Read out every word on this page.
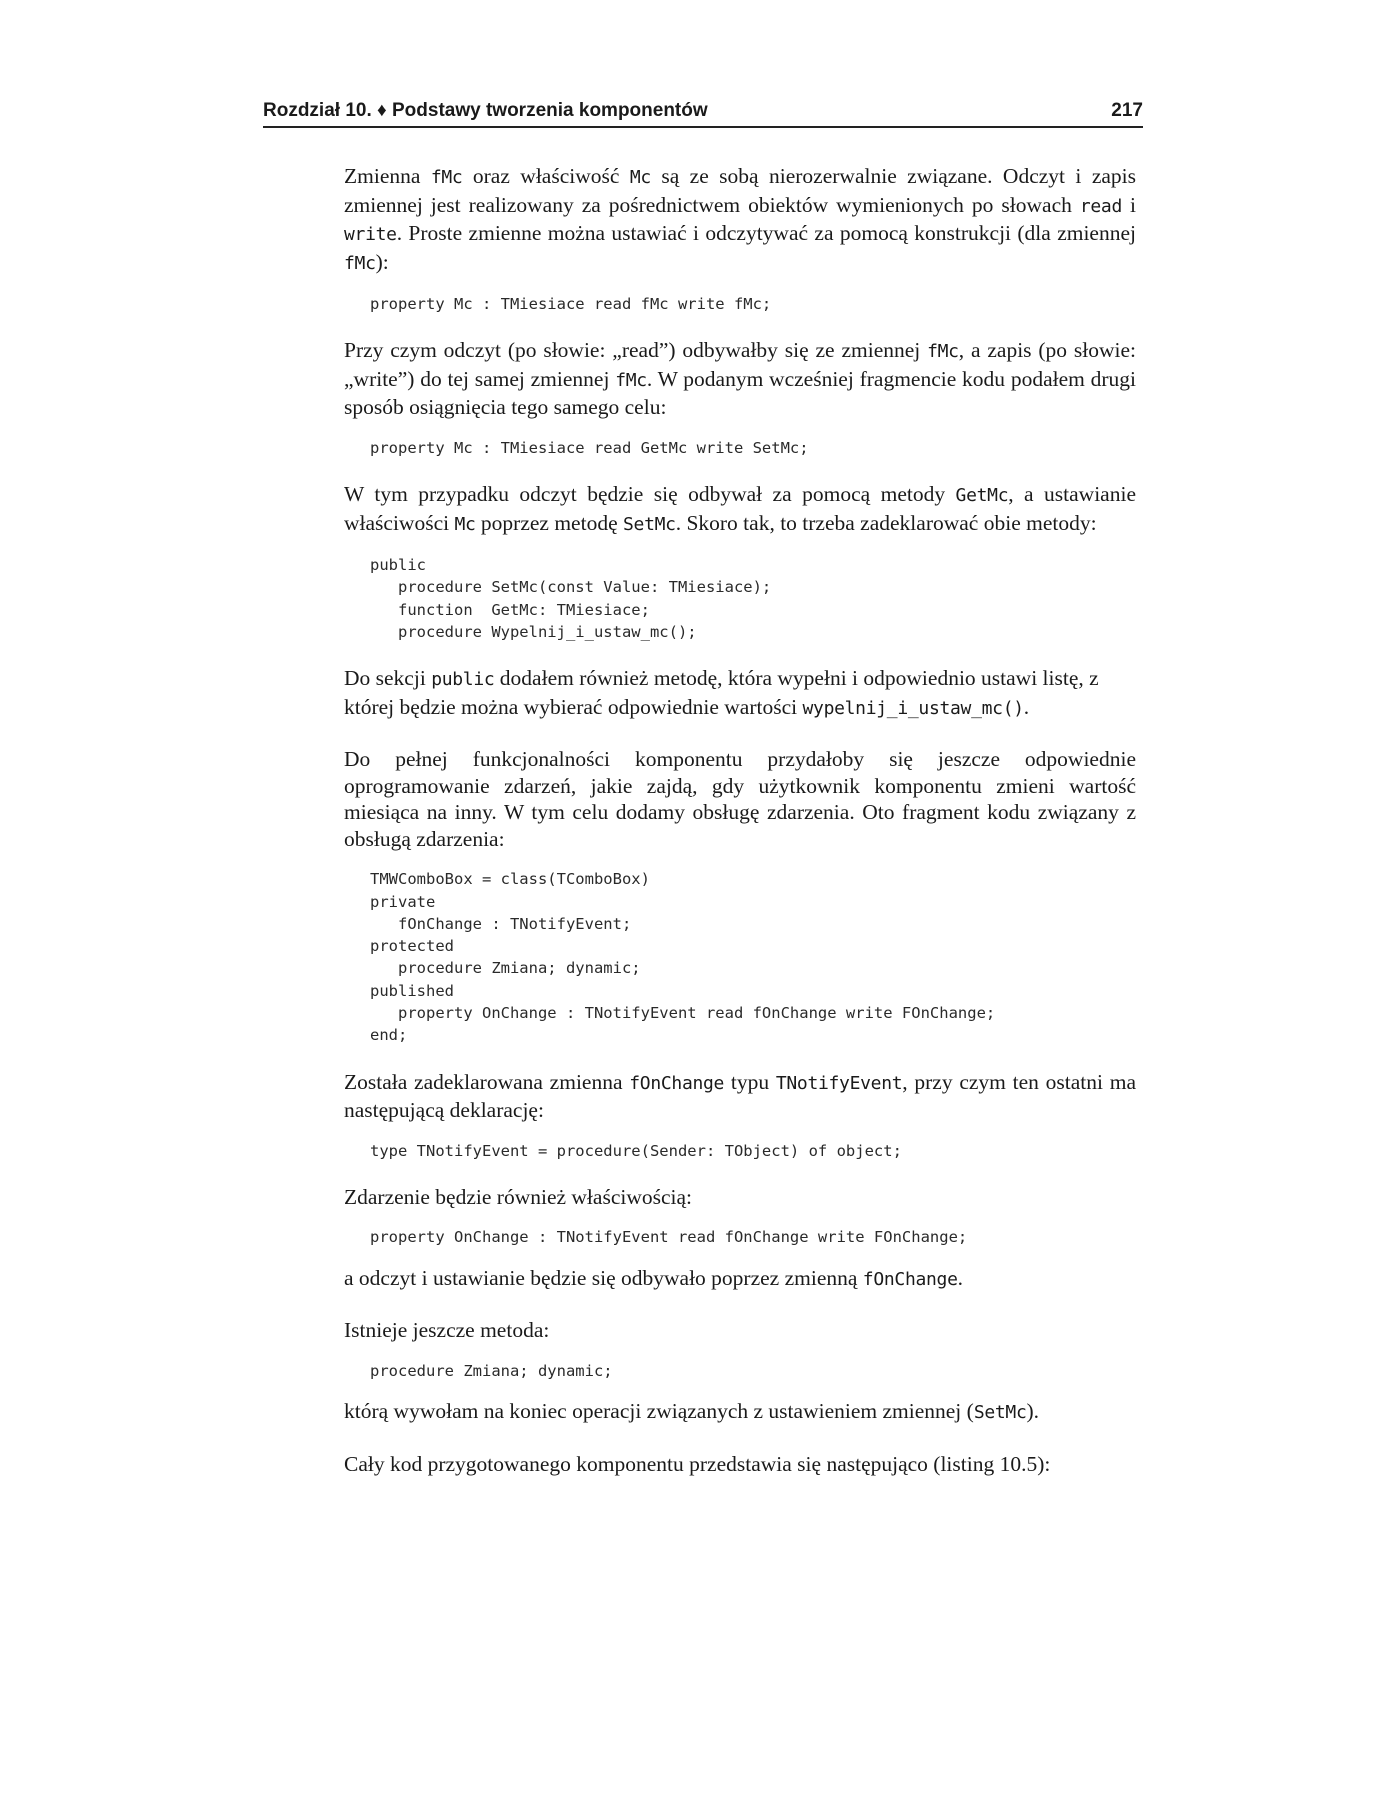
Rozdział 10. ♦ Podstawy tworzenia komponentów	217

Zmienna fMc oraz właściwość Mc są ze sobą nierozerwalnie związane. Odczyt i zapis zmiennej jest realizowany za pośrednictwem obiektów wymienionych po słowach read i write. Proste zmienne można ustawiać i odczytywać za pomocą konstrukcji (dla zmiennej fMc):

property Mc : TMiesiace read fMc write fMc;

Przy czym odczyt (po słowie: „read”) odbywałby się ze zmiennej fMc, a zapis (po słowie: „write”) do tej samej zmiennej fMc. W podanym wcześniej fragmencie kodu podałem drugi sposób osiągnięcia tego samego celu:

property Mc : TMiesiace read GetMc write SetMc;

W tym przypadku odczyt będzie się odbywał za pomocą metody GetMc, a ustawianie właściwości Mc poprzez metodę SetMc. Skoro tak, to trzeba zadeklarować obie metody:

public
procedure SetMc(const Value: TMiesiace);
function  GetMc: TMiesiace;
procedure Wypelnij_i_ustaw_mc();

Do sekcji public dodałem również metodę, która wypełni i odpowiednio ustawi listę, z której będzie można wybierać odpowiednie wartości wypelnij_i_ustaw_mc().

Do pełnej funkcjonalności komponentu przydałoby się jeszcze odpowiednie oprogramowanie zdarzeń, jakie zajdą, gdy użytkownik komponentu zmieni wartość miesiąca na inny. W tym celu dodamy obsługę zdarzenia. Oto fragment kodu związany z obsługą zdarzenia:

TMWComboBox = class(TComboBox)
private
fOnChange : TNotifyEvent;
protected
procedure Zmiana; dynamic;
published
property OnChange : TNotifyEvent read fOnChange write FOnChange;
end;

Została zadeklarowana zmienna fOnChange typu TNotifyEvent, przy czym ten ostatni ma następującą deklarację:

type TNotifyEvent = procedure(Sender: TObject) of object;

Zdarzenie będzie również właściwością:

property OnChange : TNotifyEvent read fOnChange write FOnChange;

a odczyt i ustawianie będzie się odbywało poprzez zmienną fOnChange.

Istnieje jeszcze metoda:

procedure Zmiana; dynamic;

którą wywołam na koniec operacji związanych z ustawieniem zmiennej (SetMc).

Cały kod przygotowanego komponentu przedstawia się następująco (listing 10.5):
